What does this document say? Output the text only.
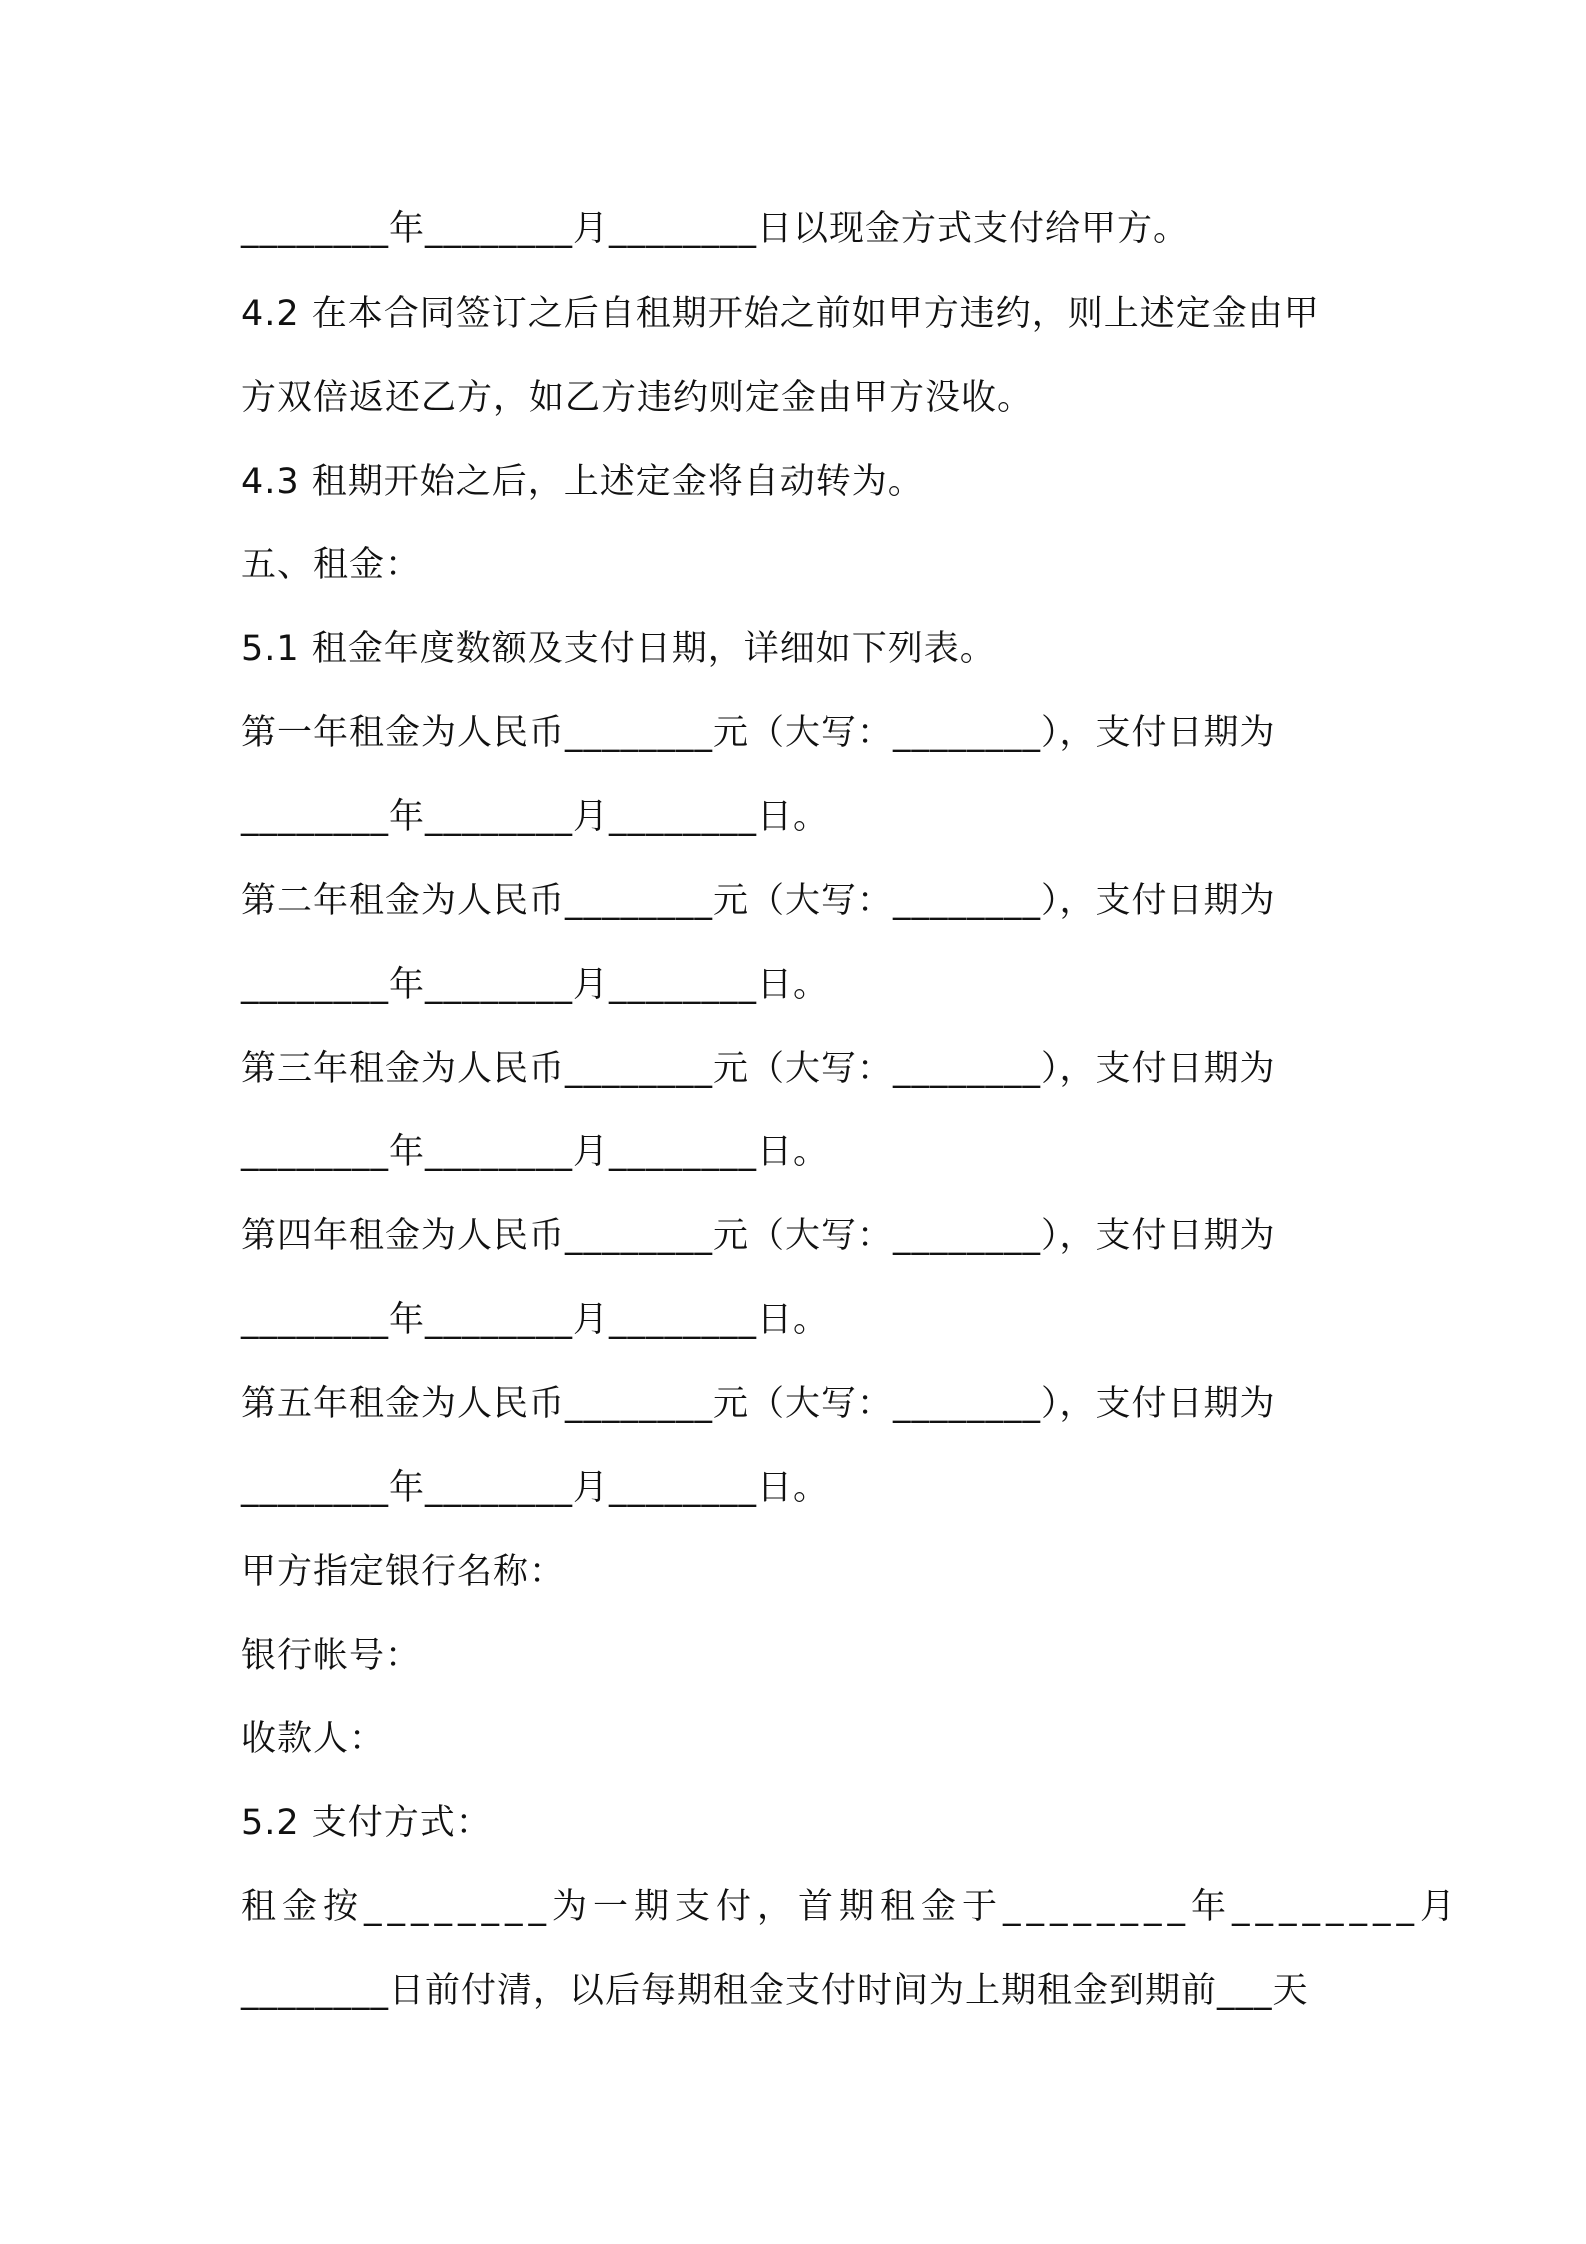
________年________月________日以现金方式支付给甲方。
4.2 在本合同签订之后自租期开始之前如甲方违约，则上述定金由甲
方双倍返还乙方，如乙方违约则定金由甲方没收。
4.3 租期开始之后，上述定金将自动转为。
五、租金：
5.1 租金年度数额及支付日期，详细如下列表。
第一年租金为人民币________元（大写：________），支付日期为
________年________月________日。
第二年租金为人民币________元（大写：________），支付日期为
________年________月________日。
第三年租金为人民币________元（大写：________），支付日期为
________年________月________日。
第四年租金为人民币________元（大写：________），支付日期为
________年________月________日。
第五年租金为人民币________元（大写：________），支付日期为
________年________月________日。
甲方指定银行名称：
银行帐号：
收款人：
5.2 支付方式：
租金按________为一期支付，首期租金于________年________月
________日前付清，以后每期租金支付时间为上期租金到期前___天
